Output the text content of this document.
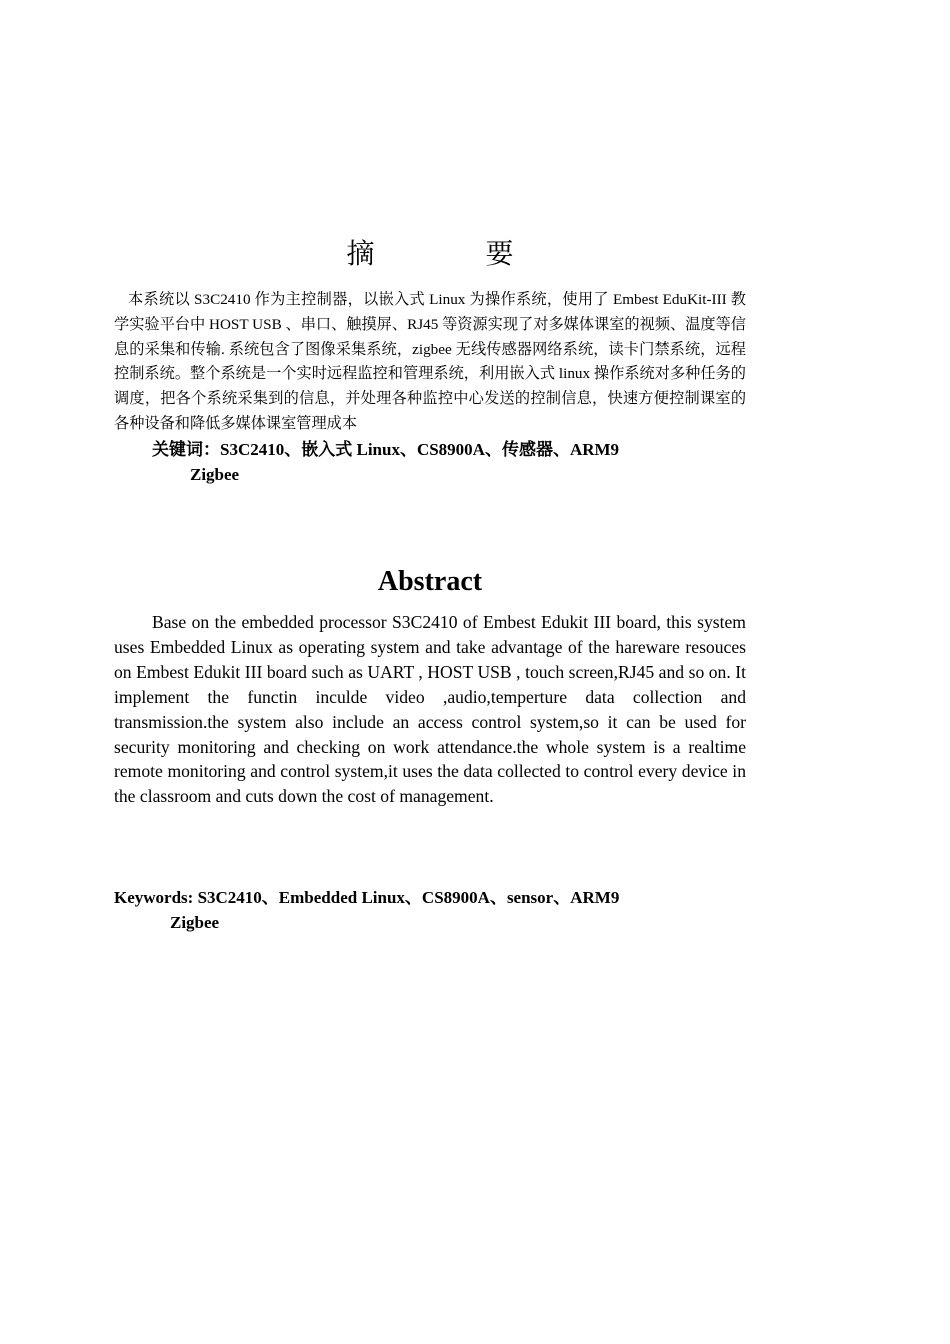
摘 要
本系统以 S3C2410 作为主控制器，以嵌入式 Linux 为操作系统，使用了 Embest EduKit-III 教学实验平台中 HOST USB 、串口、触摸屏、RJ45 等资源实现了对多媒体课室的视频、温度等信息的采集和传输. 系统包含了图像采集系统，zigbee 无线传感器网络系统，读卡门禁系统，远程控制系统。整个系统是一个实时远程监控和管理系统，利用嵌入式 linux 操作系统对多种任务的调度，把各个系统采集到的信息，并处理各种监控中心发送的控制信息，快速方便控制课室的各种设备和降低多媒体课室管理成本
关键词：S3C2410、嵌入式 Linux、CS8900A、传感器、ARM9
Zigbee
Abstract
Base on the embedded processor S3C2410 of Embest Edukit III board, this system uses Embedded Linux as operating system and take advantage of the hareware resouces on Embest Edukit III board such as UART , HOST USB , touch screen,RJ45 and so on. It implement the functin inculde video ,audio,temperture data collection and transmission.the system also include an access control system,so it can be used for security monitoring and checking on work attendance.the whole system is a realtime remote monitoring and control system,it uses the data collected to control every device in the classroom and cuts down the cost of management.
Keywords: S3C2410、Embedded Linux、CS8900A、sensor、ARM9
Zigbee
